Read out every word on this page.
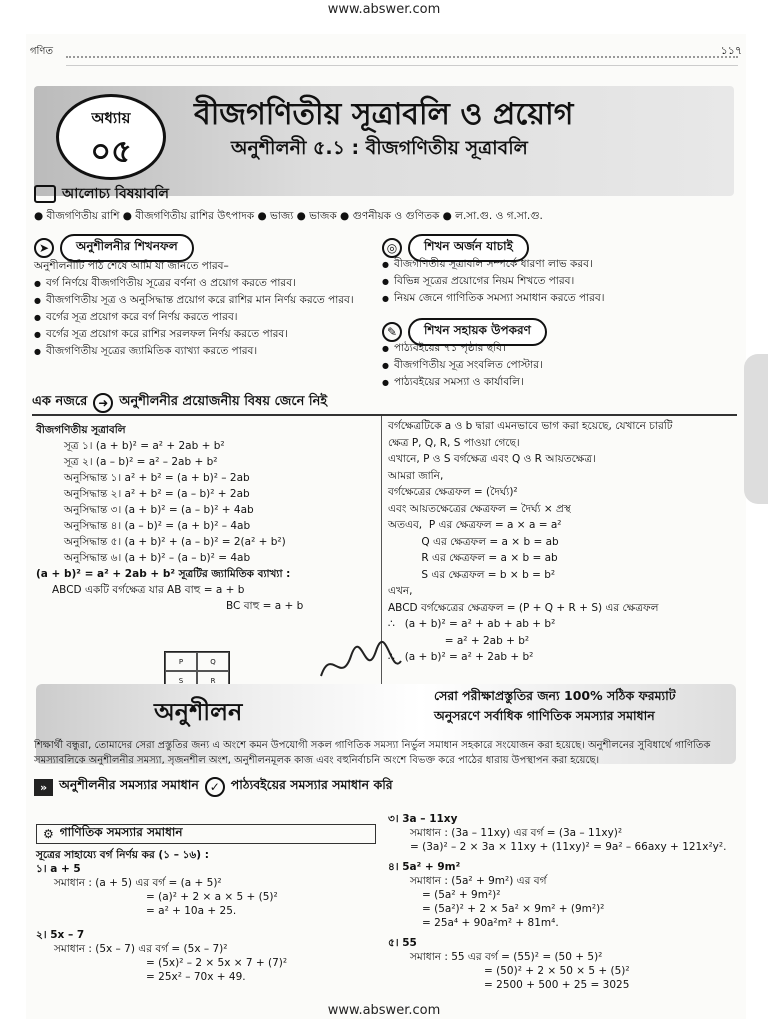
www.abswer.com
গণিত	১১৭
অধ্যায়
০৫
বীজগণিতীয় সূত্রাবলি ও প্রয়োগ
অনুশীলনী ৫.১ : বীজগণিতীয় সূত্রাবলি
আলোচ্য বিষয়াবলি
● বীজগণিতীয় রাশি ● বীজগণিতীয় রাশির উৎপাদক ● ভাজ্য ● ভাজক ● গুণনীয়ক ও গুণিতক ● ল.সা.গু. ও গ.সা.গু.
➤	অনুশীলনীর শিখনফল
অনুশীলনীটি পাঠ শেষে আমি যা জানতে পারব–
● বর্গ নির্ণয়ে বীজগণিতীয় সূত্রের বর্ণনা ও প্রয়োগ করতে পারব।
● বীজগণিতীয় সূত্র ও অনুসিদ্ধান্ত প্রয়োগ করে রাশির মান নির্ণয় করতে পারব।
● বর্গের সূত্র প্রয়োগ করে বর্গ নির্ণয় করতে পারব।
● বর্গের সূত্র প্রয়োগ করে রাশির সরলফল নির্ণয় করতে পারব।
● বীজগণিতীয় সূত্রের জ্যামিতিক ব্যাখ্যা করতে পারব।
◎	শিখন অর্জন যাচাই
● বীজগণিতীয় সূত্রাবলি সম্পর্কে ধারণা লাভ করব।
● বিভিন্ন সূত্রের প্রয়োগের নিয়ম শিখতে পারব।
● নিয়ম জেনে গাণিতিক সমস্যা সমাধান করতে পারব।
✎	শিখন সহায়ক উপকরণ
● পাঠ্যবইয়ের ৭১ পৃষ্ঠার ছবি।
● বীজগণিতীয় সূত্র সংবলিত পোস্টার।
● পাঠ্যবইয়ের সমস্যা ও কার্যাবলি।
এক নজরে ➜ অনুশীলনীর প্রয়োজনীয় বিষয় জেনে নিই
বীজগণিতীয় সূত্রাবলি
সূত্র ১। (a + b)² = a² + 2ab + b²
সূত্র ২। (a – b)² = a² – 2ab + b²
অনুসিদ্ধান্ত ১। a² + b² = (a + b)² – 2ab
অনুসিদ্ধান্ত ২। a² + b² = (a – b)² + 2ab
অনুসিদ্ধান্ত ৩। (a + b)² = (a – b)² + 4ab
অনুসিদ্ধান্ত ৪। (a – b)² = (a + b)² – 4ab
অনুসিদ্ধান্ত ৫। (a + b)² + (a – b)² = 2(a² + b²)
অনুসিদ্ধান্ত ৬। (a + b)² – (a – b)² = 4ab
(a + b)² = a² + 2ab + b² সূত্রটির জ্যামিতিক ব্যাখ্যা :
ABCD একটি বর্গক্ষেত্র যার AB বাহু = a + b
BC বাহু = a + b
P	Q
S	R
বর্গক্ষেত্রটিকে a ও b দ্বারা এমনভাবে ভাগ করা হয়েছে, যেখানে চারটি
ক্ষেত্র P, Q, R, S পাওয়া গেছে।
এখানে, P ও S বর্গক্ষেত্র এবং Q ও R আয়তক্ষেত্র।
আমরা জানি,
বর্গক্ষেত্রের ক্ষেত্রফল = (দৈর্ঘ্য)²
এবং আয়তক্ষেত্রের ক্ষেত্রফল = দৈর্ঘ্য × প্রস্থ
অতএব,  P এর ক্ষেত্রফল = a × a = a²
Q এর ক্ষেত্রফল = a × b = ab
R এর ক্ষেত্রফল = a × b = ab
S এর ক্ষেত্রফল = b × b = b²
এখন,
ABCD বর্গক্ষেত্রের ক্ষেত্রফল = (P + Q + R + S) এর ক্ষেত্রফল
∴   (a + b)² = a² + ab + ab + b²
= a² + 2ab + b²
∴   (a + b)² = a² + 2ab + b²
অনুশীলন
সেরা পরীক্ষাপ্রস্তুতির জন্য 100% সঠিক ফরম্যাট
অনুসরণে সর্বাধিক গাণিতিক সমস্যার সমাধান
শিক্ষার্থী বন্ধুরা, তোমাদের সেরা প্রস্তুতির জন্য এ অংশে কমন উপযোগী সকল গাণিতিক সমস্যা নির্ভুল সমাধান সহকারে সংযোজন করা হয়েছে। অনুশীলনের সুবিধার্থে গাণিতিক সমস্যাবলিকে অনুশীলনীর সমস্যা, সৃজনশীল অংশ, অনুশীলনমূলক কাজ এবং বহুনির্বাচনি অংশে বিভক্ত করে পাঠের ধারায় উপস্থাপন করা হয়েছে।
» অনুশীলনীর সমস্যার সমাধান ✓ পাঠ্যবইয়ের সমস্যার সমাধান করি
⚙ গাণিতিক সমস্যার সমাধান
সূত্রের সাহায্যে বর্গ নির্ণয় কর (১ – ১৬) :
১। a + 5
সমাধান : (a + 5) এর বর্গ = (a + 5)²
= (a)² + 2 × a × 5 + (5)²
= a² + 10a + 25.
২। 5x – 7
সমাধান : (5x – 7) এর বর্গ = (5x – 7)²
= (5x)² – 2 × 5x × 7 + (7)²
= 25x² – 70x + 49.
৩। 3a – 11xy
সমাধান : (3a – 11xy) এর বর্গ = (3a – 11xy)²
= (3a)² – 2 × 3a × 11xy + (11xy)² = 9a² – 66axy + 121x²y².
৪। 5a² + 9m²
সমাধান : (5a² + 9m²) এর বর্গ
= (5a² + 9m²)²
= (5a²)² + 2 × 5a² × 9m² + (9m²)²
= 25a⁴ + 90a²m² + 81m⁴.
৫। 55
সমাধান : 55 এর বর্গ = (55)² = (50 + 5)²
= (50)² + 2 × 50 × 5 + (5)²
= 2500 + 500 + 25 = 3025
www.abswer.com
